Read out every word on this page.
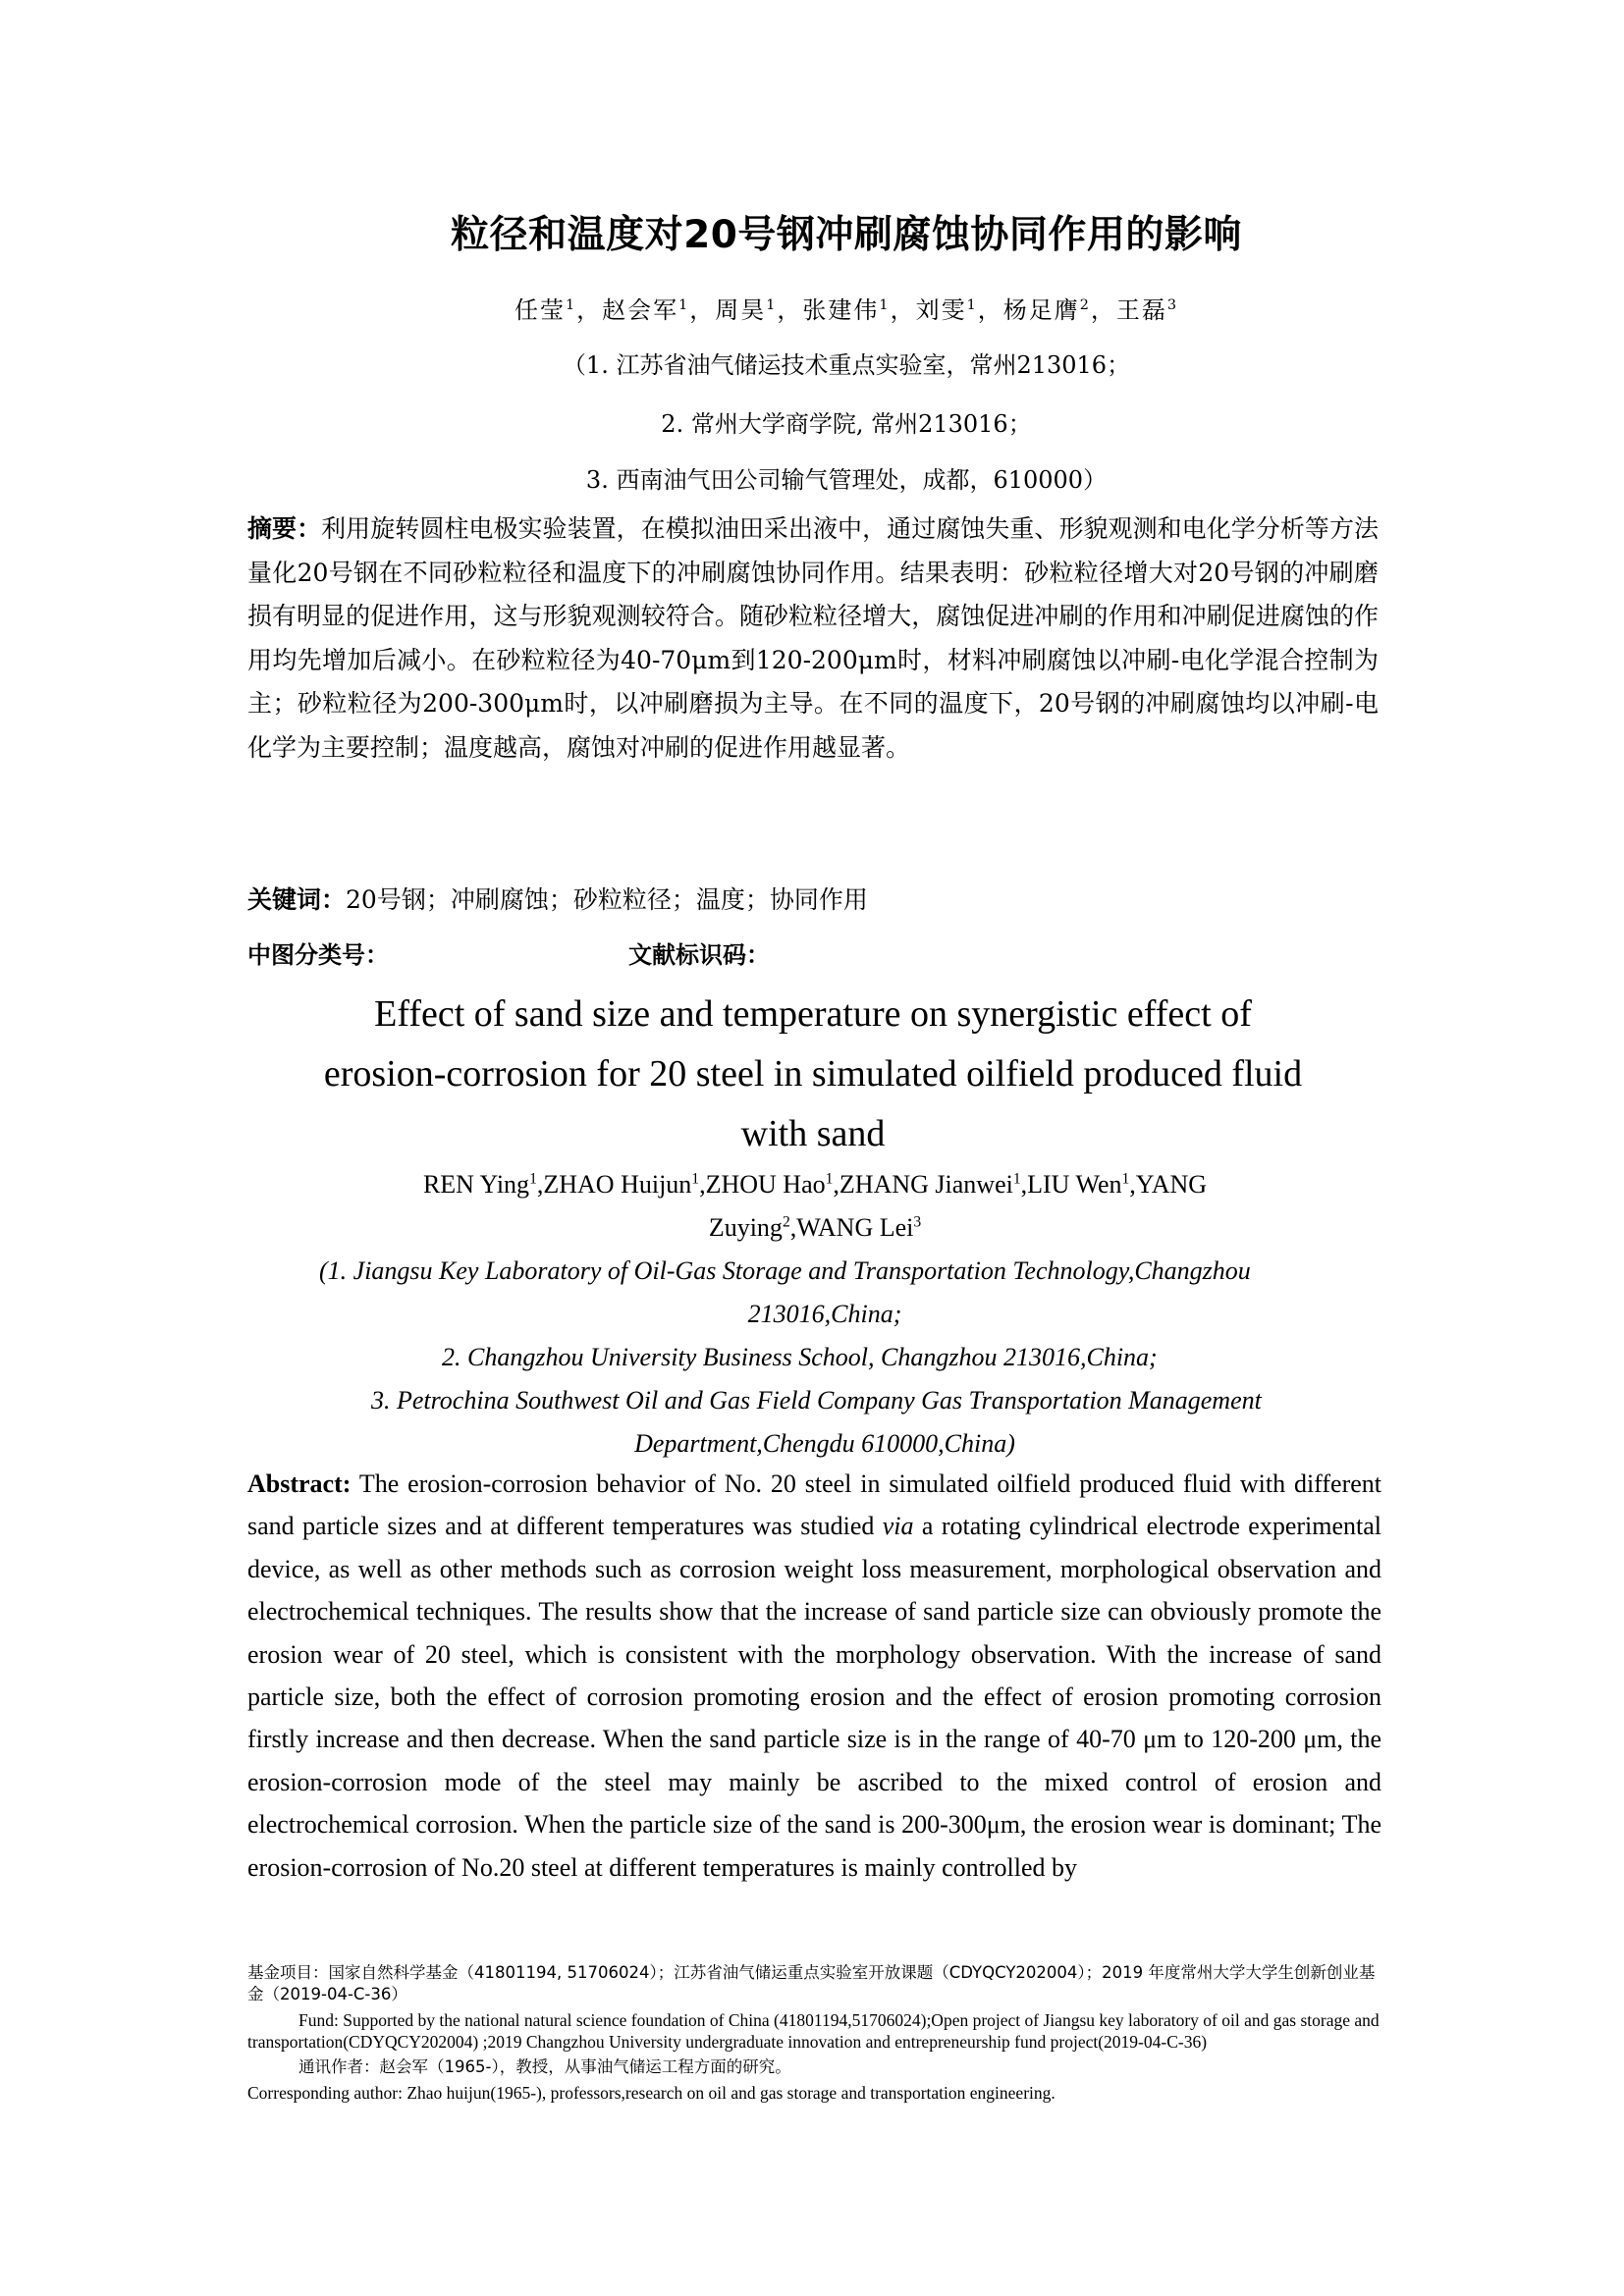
粒径和温度对20号钢冲刷腐蚀协同作用的影响
任莹$^1$，赵会军$^1$，周昊$^1$，张建伟$^1$，刘雯$^1$，杨足膺$^2$，王磊$^3$
（1. 江苏省油气储运技术重点实验室，常州213016；
2. 常州大学商学院, 常州213016；
3. 西南油气田公司输气管理处，成都，610000）
摘要：利用旋转圆柱电极实验装置，在模拟油田采出液中，通过腐蚀失重、形貌观测和电化学分析等方法量化20号钢在不同砂粒粒径和温度下的冲刷腐蚀协同作用。结果表明：砂粒粒径增大对20号钢的冲刷磨损有明显的促进作用，这与形貌观测较符合。随砂粒粒径增大，腐蚀促进冲刷的作用和冲刷促进腐蚀的作用均先增加后减小。在砂粒粒径为40-70μm到120-200μm时，材料冲刷腐蚀以冲刷-电化学混合控制为主；砂粒粒径为200-300μm时，以冲刷磨损为主导。在不同的温度下，20号钢的冲刷腐蚀均以冲刷-电化学为主要控制；温度越高，腐蚀对冲刷的促进作用越显著。
关键词：20号钢；冲刷腐蚀；砂粒粒径；温度；协同作用
中图分类号：	文献标识码：
Effect of sand size and temperature on synergistic effect of
erosion-corrosion for 20 steel in simulated oilfield produced fluid
with sand
REN Ying$^1$,ZHAO Huijun$^1$,ZHOU Hao$^1$,ZHANG Jianwei$^1$,LIU Wen$^1$,YANG
Zuying$^2$,WANG Lei$^3$
(1. Jiangsu Key Laboratory of Oil-Gas Storage and Transportation Technology,Changzhou
213016,China;
2. Changzhou University Business School, Changzhou 213016,China;
3. Petrochina Southwest Oil and Gas Field Company Gas Transportation Management
Department,Chengdu 610000,China)
Abstract: The erosion-corrosion behavior of No. 20 steel in simulated oilfield produced fluid with different sand particle sizes and at different temperatures was studied via a rotating cylindrical electrode experimental device, as well as other methods such as corrosion weight loss measurement, morphological observation and electrochemical techniques. The results show that the increase of sand particle size can obviously promote the erosion wear of 20 steel, which is consistent with the morphology observation. With the increase of sand particle size, both the effect of corrosion promoting erosion and the effect of erosion promoting corrosion firstly increase and then decrease. When the sand particle size is in the range of 40-70 μm to 120-200 μm, the erosion-corrosion mode of the steel may mainly be ascribed to the mixed control of erosion and electrochemical corrosion. When the particle size of the sand is 200-300μm, the erosion wear is dominant; The erosion-corrosion of No.20 steel at different temperatures is mainly controlled by
基金项目：国家自然科学基金（41801194, 51706024）；江苏省油气储运重点实验室开放课题（CDYQCY202004）；2019 年度常州大学大学生创新创业基金（2019-04-C-36）
Fund: Supported by the national natural science foundation of China (41801194,51706024);Open project of Jiangsu key laboratory of oil and gas storage and transportation(CDYQCY202004) ;2019 Changzhou University undergraduate innovation and entrepreneurship fund project(2019-04-C-36)
通讯作者：赵会军（1965-），教授，从事油气储运工程方面的研究。
Corresponding author: Zhao huijun(1965-), professors,research on oil and gas storage and transportation engineering.
